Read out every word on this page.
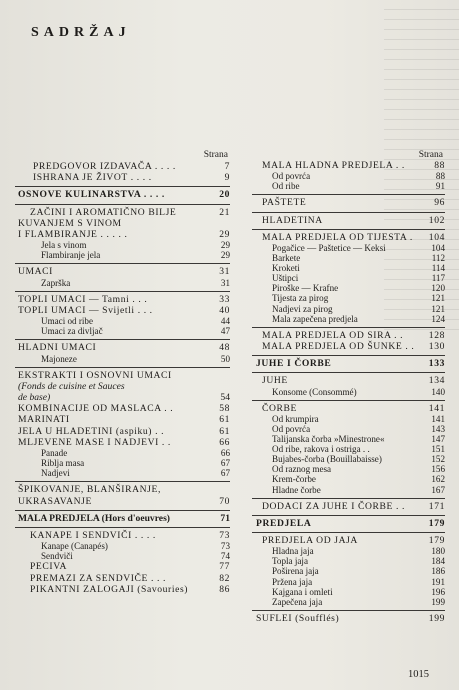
SADRŽAJ
Strana
PREDGOVOR IZDAVAČA . . . .	7
ISHRANA JE ŽIVOT . . . .	9
OSNOVE KULINARSTVA . . . .	20
ZAČINI I AROMATIČNO BILJE	21
KUVANJEM S VINOM
I FLAMBIRANJE . . . . .	29
Jela s vinom	29
Flambiranje jela	29
UMACI	31
Zaprška	31
TOPLI UMACI — Tamni . . .	33
TOPLI UMACI — Svijetli . . .	40
Umaci od ribe	44
Umaci za divljač	47
HLADNI UMACI	48
Majoneze	50
EKSTRAKTI I OSNOVNI UMACI
(Fonds de cuisine et Sauces
de base)	54
KOMBINACIJE OD MASLACA . .	58
MARINATI	61
JELA U HLADETINI (aspiku) . .	61
MLJEVENE MASE I NADJEVI . .	66
Panade	66
Riblja masa	67
Nadjevi	67
ŠPIKOVANJE, BLANŠIRANJE,
UKRASAVANJE	70
MALA PREDJELA (Hors d'oeuvres)	71
KANAPE I SENDVIČI . . . .	73
Kanape (Canapés)	73
Sendviči	74
PECIVA	77
PREMAZI ZA SENDVIČE . . .	82
PIKANTNI ZALOGAJI (Savouries)	86
Strana
MALA HLADNA PREDJELA . .	88
Od povrća	88
Od ribe	91
PAŠTETE	96
HLADETINA	102
MALA PREDJELA OD TIJESTA . 104
Pogačice — Paštetice — Keksi	104
Barkete	112
Kroketi	114
Uštipci	117
Piroške — Krafne	120
Tijesta za pirog	121
Nadjevi za pirog	121
Mala zapečena predjela	124
MALA PREDJELA OD SIRA . .	128
MALA PREDJELA OD ŠUNKE . . 130
JUHE I ČORBE	133
JUHE	134
Konsome (Consommé)	140
ČORBE	141
Od krumpira	141
Od povrća	143
Talijanska čorba »Minestrone«	147
Od ribe, rakova i ostriga . .	151
Bujabes-čorba (Bouillabaisse)	152
Od raznog mesa	156
Krem-čorbe	162
Hladne čorbe	167
DODACI ZA JUHE I ČORBE . . 171
PREDJELA	179
PREDJELA OD JAJA	179
Hladna jaja	180
Topla jaja	184
Poširena jaja	186
Pržena jaja	191
Kajgana i omleti	196
Zapečena jaja	199
SUFLEI (Soufflés)	199
1015
